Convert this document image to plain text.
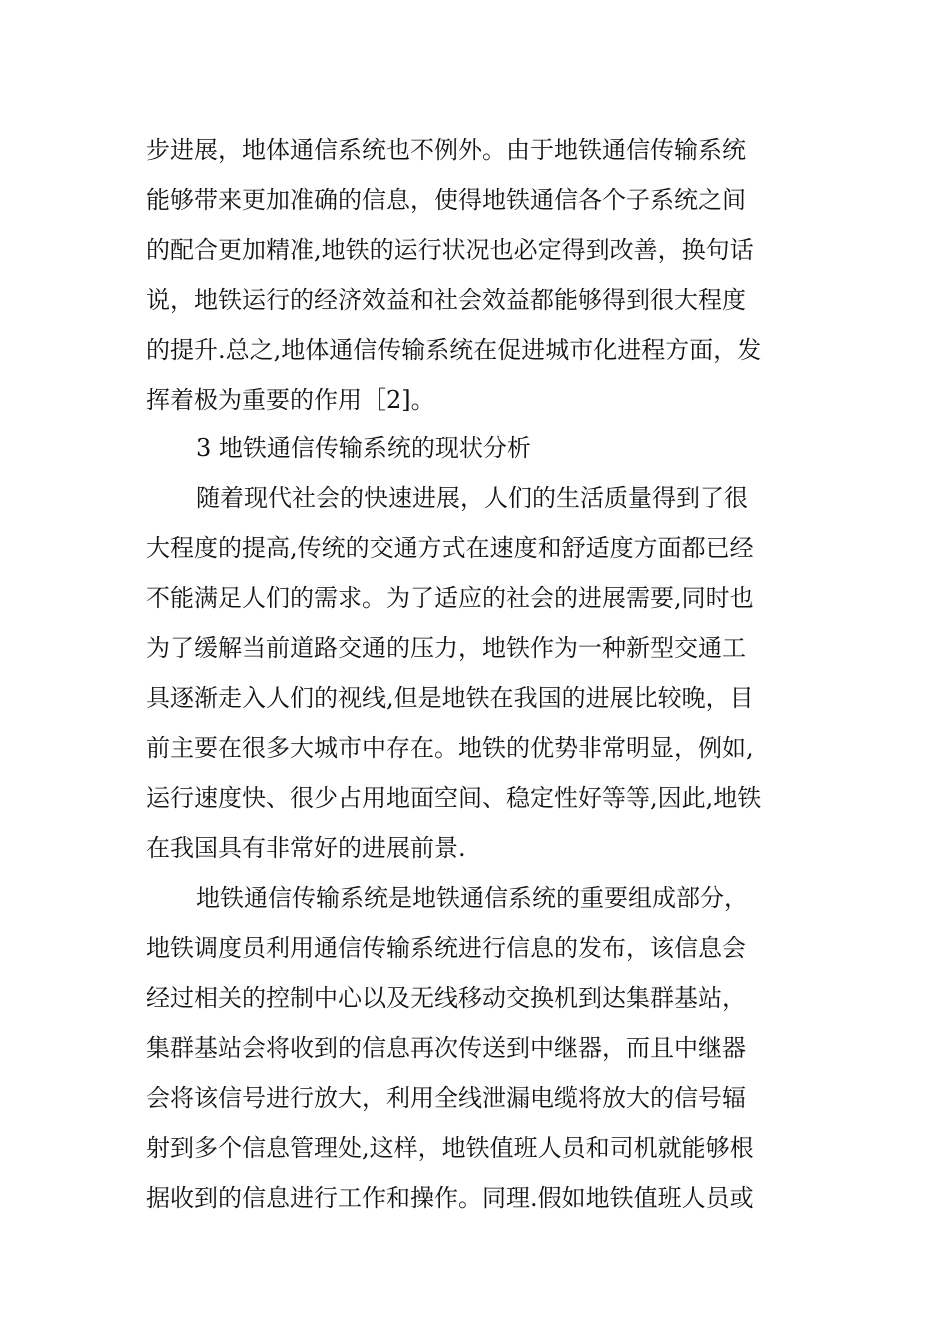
步进展，地体通信系统也不例外。由于地铁通信传输系统
能够带来更加准确的信息，使得地铁通信各个子系统之间
的配合更加精准,地铁的运行状况也必定得到改善，换句话
说，地铁运行的经济效益和社会效益都能够得到很大程度
的提升.总之,地体通信传输系统在促进城市化进程方面，发
挥着极为重要的作用［2]。
3 地铁通信传输系统的现状分析
随着现代社会的快速进展，人们的生活质量得到了很
大程度的提高,传统的交通方式在速度和舒适度方面都已经
不能满足人们的需求。为了适应的社会的进展需要,同时也
为了缓解当前道路交通的压力，地铁作为一种新型交通工
具逐渐走入人们的视线,但是地铁在我国的进展比较晚，目
前主要在很多大城市中存在。地铁的优势非常明显，例如,
运行速度快、很少占用地面空间、稳定性好等等,因此,地铁
在我国具有非常好的进展前景.
地铁通信传输系统是地铁通信系统的重要组成部分，
地铁调度员利用通信传输系统进行信息的发布，该信息会
经过相关的控制中心以及无线移动交换机到达集群基站，
集群基站会将收到的信息再次传送到中继器，而且中继器
会将该信号进行放大，利用全线泄漏电缆将放大的信号辐
射到多个信息管理处,这样，地铁值班人员和司机就能够根
据收到的信息进行工作和操作。同理.假如地铁值班人员或
